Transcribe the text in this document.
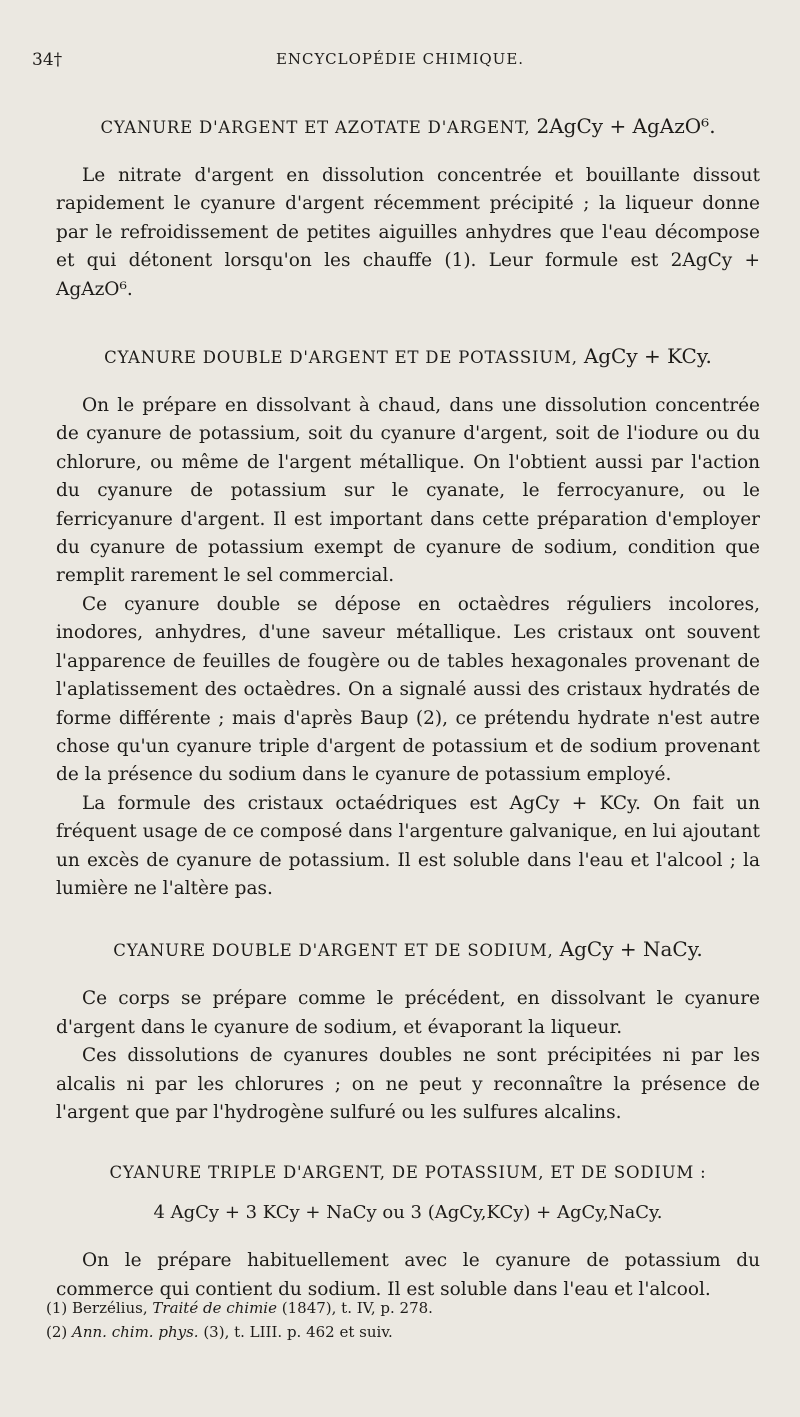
34†	ENCYCLOPÉDIE CHIMIQUE.

CYANURE D'ARGENT ET AZOTATE D'ARGENT, 2AgCy + AgAzO⁶.

Le nitrate d'argent en dissolution concentrée et bouillante dissout rapidement le cyanure d'argent récemment précipité ; la liqueur donne par le refroidissement de petites aiguilles anhydres que l'eau décompose et qui détonent lorsqu'on les chauffe (1). Leur formule est 2AgCy + AgAzO⁶.

CYANURE DOUBLE D'ARGENT ET DE POTASSIUM, AgCy + KCy.

On le prépare en dissolvant à chaud, dans une dissolution concentrée de cyanure de potassium, soit du cyanure d'argent, soit de l'iodure ou du chlorure, ou même de l'argent métallique. On l'obtient aussi par l'action du cyanure de potassium sur le cyanate, le ferrocyanure, ou le ferricyanure d'argent. Il est important dans cette préparation d'employer du cyanure de potassium exempt de cyanure de sodium, condition que remplit rarement le sel commercial.

Ce cyanure double se dépose en octaèdres réguliers incolores, inodores, anhydres, d'une saveur métallique. Les cristaux ont souvent l'apparence de feuilles de fougère ou de tables hexagonales provenant de l'aplatissement des octaèdres. On a signalé aussi des cristaux hydratés de forme différente ; mais d'après Baup (2), ce prétendu hydrate n'est autre chose qu'un cyanure triple d'argent de potassium et de sodium provenant de la présence du sodium dans le cyanure de potassium employé.

La formule des cristaux octaédriques est AgCy + KCy. On fait un fréquent usage de ce composé dans l'argenture galvanique, en lui ajoutant un excès de cyanure de potassium. Il est soluble dans l'eau et l'alcool ; la lumière ne l'altère pas.

CYANURE DOUBLE D'ARGENT ET DE SODIUM, AgCy + NaCy.

Ce corps se prépare comme le précédent, en dissolvant le cyanure d'argent dans le cyanure de sodium, et évaporant la liqueur.

Ces dissolutions de cyanures doubles ne sont précipitées ni par les alcalis ni par les chlorures ; on ne peut y reconnaître la présence de l'argent que par l'hydrogène sulfuré ou les sulfures alcalins.

CYANURE TRIPLE D'ARGENT, DE POTASSIUM, ET DE SODIUM :

4 AgCy + 3 KCy + NaCy ou 3 (AgCy,KCy) + AgCy,NaCy.

On le prépare habituellement avec le cyanure de potassium du commerce qui contient du sodium. Il est soluble dans l'eau et l'alcool.

(1) Berzélius, Traité de chimie (1847), t. IV, p. 278.
(2) Ann. chim. phys. (3), t. LIII. p. 462 et suiv.
